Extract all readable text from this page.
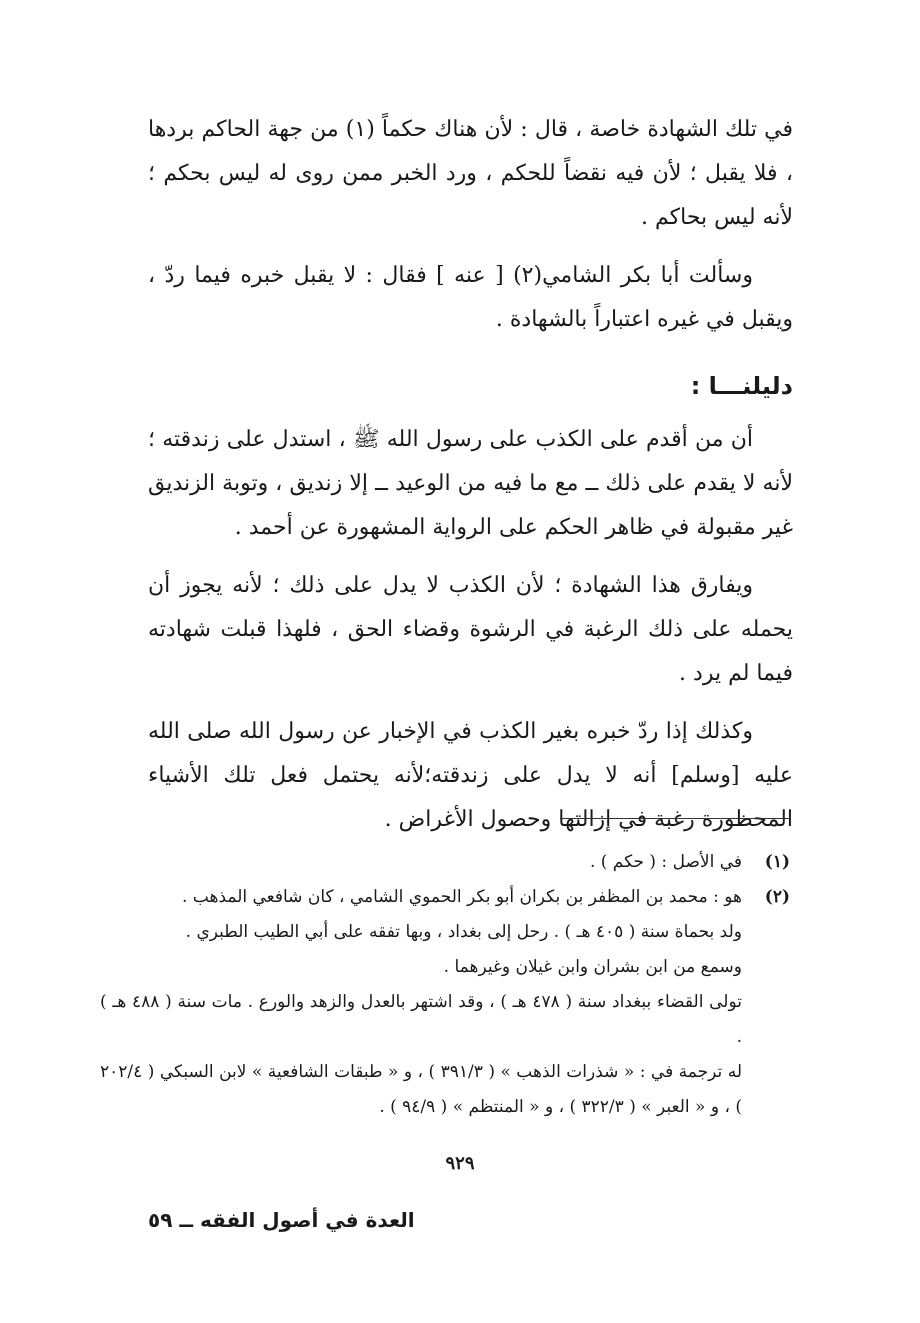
في تلك الشهادة خاصة ، قال : لأن هناك حكماً (١) من جهة الحاكم بردها ، فلا يقبل ؛ لأن فيه نقضاً للحكم ، ورد الخبر ممن روى له ليس بحكم ؛ لأنه ليس بحاكم .

وسألت أبا بكر الشامي(٢) [ عنه ] فقال : لا يقبل خبره فيما ردّ ، ويقبل في غيره اعتباراً بالشهادة .

دليلنـــا :

أن من أقدم على الكذب على رسول الله ﷺ ، استدل على زندقته ؛ لأنه لا يقدم على ذلك ــ مع ما فيه من الوعيد ــ إلا زنديق ، وتوبة الزنديق غير مقبولة في ظاهر الحكم على الرواية المشهورة عن أحمد .

ويفارق هذا الشهادة ؛ لأن الكذب لا يدل على ذلك ؛ لأنه يجوز أن يحمله على ذلك الرغبة في الرشوة وقضاء الحق ، فلهذا قبلت شهادته فيما لم يرد .

وكذلك إذا ردّ خبره بغير الكذب في الإخبار عن رسول الله صلى الله عليه [وسلم] أنه لا يدل على زندقته؛لأنه يحتمل فعل تلك الأشياء المحظورة رغبة في إزالتها وحصول الأغراض .

(١)
في الأصل : ( حكم ) .
(٢)
هو : محمد بن المظفر بن بكران أبو بكر الحموي الشامي ، كان شافعي المذهب .
ولد بحماة سنة ( ٤٠٥ هـ ) . رحل إلى بغداد ، وبها تفقه على أبي الطيب الطبري .
وسمع من ابن بشران وابن غيلان وغيرهما .
تولى القضاء ببغداد سنة ( ٤٧٨ هـ ) ، وقد اشتهر بالعدل والزهد والورع . مات سنة ( ٤٨٨ هـ ) .
له ترجمة في : « شذرات الذهب » ( ٣٩١/٣ ) ، و « طبقات الشافعية » لابن السبكي ( ٢٠٢/٤ ) ، و « العبر » ( ٣٢٢/٣ ) ، و « المنتظم » ( ٩٤/٩ ) .
٩٢٩
العدة في أصول الفقه ــ ٥٩
